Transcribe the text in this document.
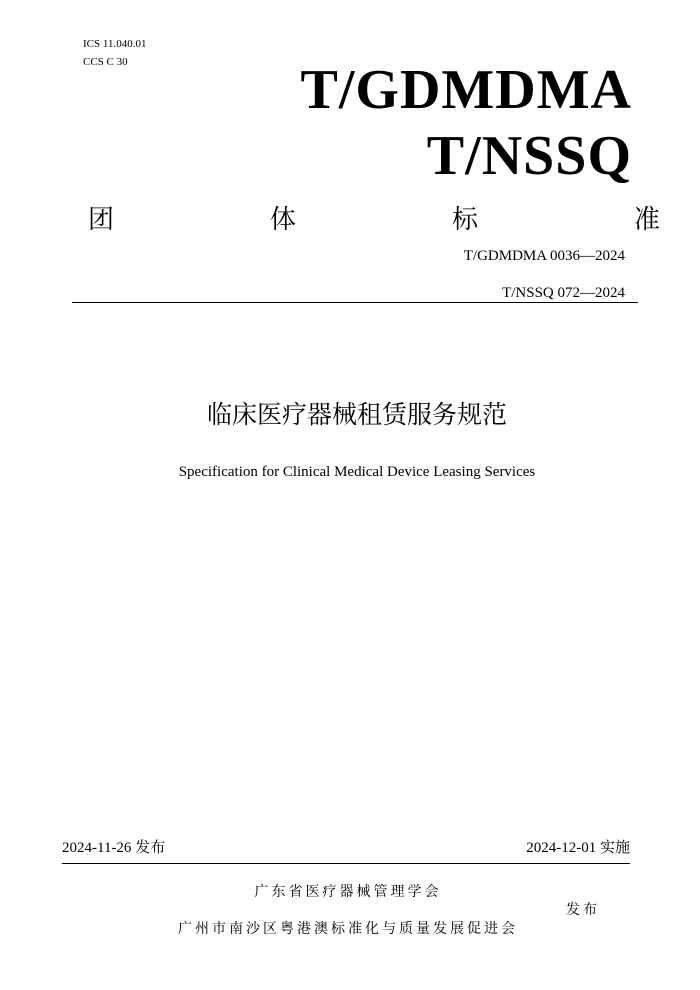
ICS 11.040.01
CCS C 30	T/GDMDMA
T/NSSQ
团	体	标	准
T/GDMDMA 0036—2024
T/NSSQ 072—2024
临床医疗器械租赁服务规范
Specification for Clinical Medical Device Leasing Services
2024-11-26 发布	2024-12-01 实施
广东省医疗器械管理学会
广州市南沙区粤港澳标准化与质量发展促进会
发布
